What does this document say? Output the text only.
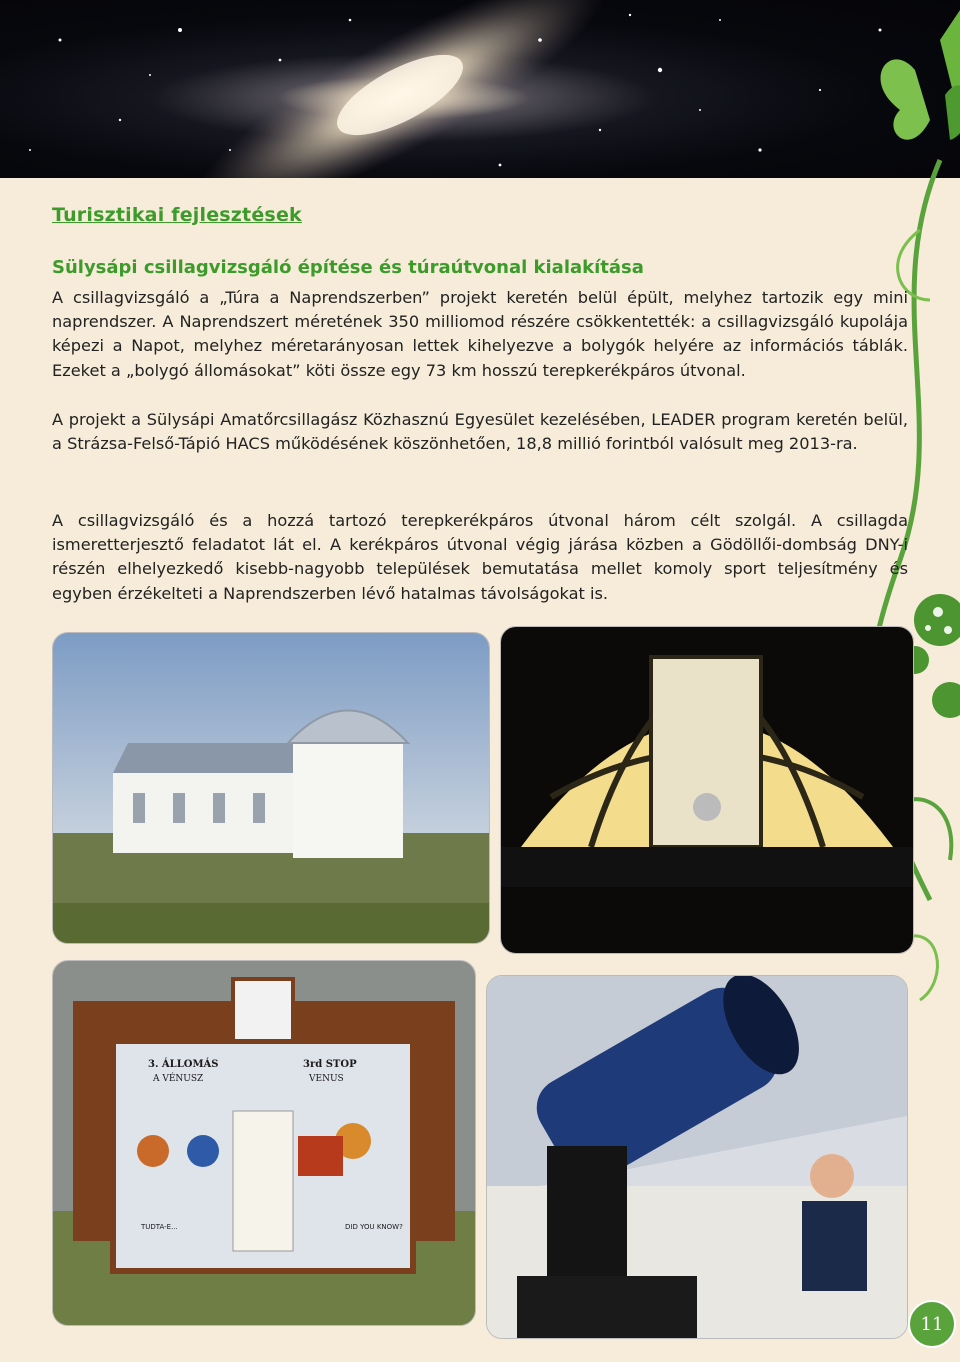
Turisztikai fejlesztések
Sülysápi csillagvizsgáló építése és túraútvonal kialakítása
A csillagvizsgáló a „Túra a Naprendszerben” projekt keretén belül épült, melyhez tartozik egy mini naprendszer. A Naprendszert méretének 350 milliomod részére csökkentették: a csillagvizsgáló kupolája képezi a Napot, melyhez méretarányosan lettek kihelyezve a bolygók helyére az információs táblák. Ezeket a „bolygó állomásokat” köti össze egy 73 km hosszú terepkerékpáros útvonal.
A projekt a Sülysápi Amatőrcsillagász Közhasznú Egyesület kezelésében, LEADER program keretén belül, a Strázsa-Felső-Tápió HACS működésének köszönhetően, 18,8 millió forintból valósult meg 2013-ra.
A csillagvizsgáló és a hozzá tartozó terepkerékpáros útvonal három célt szolgál. A csillagda ismeretterjesztő feladatot lát el. A kerékpáros útvonal végig járása közben a Gödöllői-dombság DNY-i részén elhelyezkedő kisebb-nagyobb települések bemutatása mellet komoly sport teljesítmény és egyben érzékelteti a Naprendszerben lévő hatalmas távolságokat is.
3. ÁLLOMÁS
A VÉNUSZ
3rd STOP
VENUS
TUDTA-E...	DID YOU KNOW?
11
